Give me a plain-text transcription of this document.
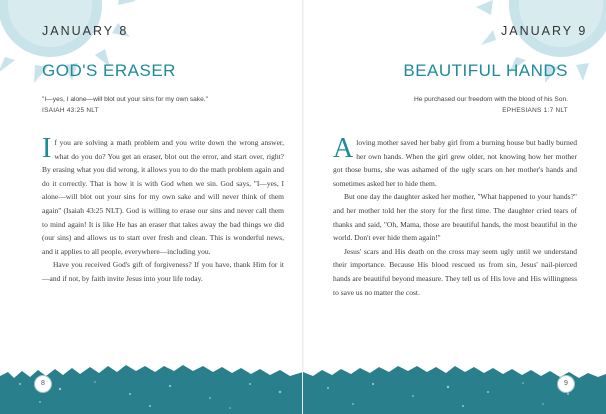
JANUARY 8
GOD'S ERASER
"I—yes, I alone—will blot out your sins for my own sake."
ISAIAH 43:25 NLT

If you are solving a math problem and you write down the wrong answer, what do you do? You get an eraser, blot out the error, and start over, right? By erasing what you did wrong, it allows you to do the math problem again and do it correctly. That is how it is with God when we sin. God says, "I—yes, I alone—will blot out your sins for my own sake and will never think of them again" (Isaiah 43:25 NLT). God is willing to erase our sins and never call them to mind again! It is like He has an eraser that takes away the bad things we did (our sins) and allows us to start over fresh and clean. This is wonderful news, and it applies to all people, everywhere—including you.

Have you received God's gift of forgiveness? If you have, thank Him for it—and if not, by faith invite Jesus into your life today.

8
JANUARY 9
BEAUTIFUL HANDS
He purchased our freedom with the blood of his Son.
EPHESIANS 1:7 NLT

Aloving mother saved her baby girl from a burning house but badly burned her own hands. When the girl grew older, not knowing how her mother got those burns, she was ashamed of the ugly scars on her mother's hands and sometimes asked her to hide them.

But one day the daughter asked her mother, "What happened to your hands?" and her mother told her the story for the first time. The daughter cried tears of thanks and said, "Oh, Mama, those are beautiful hands, the most beautiful in the world. Don't ever hide them again!"

Jesus' scars and His death on the cross may seem ugly until we understand their importance. Because His blood rescued us from sin, Jesus' nail-pierced hands are beautiful beyond measure. They tell us of His love and His willingness to save us no matter the cost.

9
